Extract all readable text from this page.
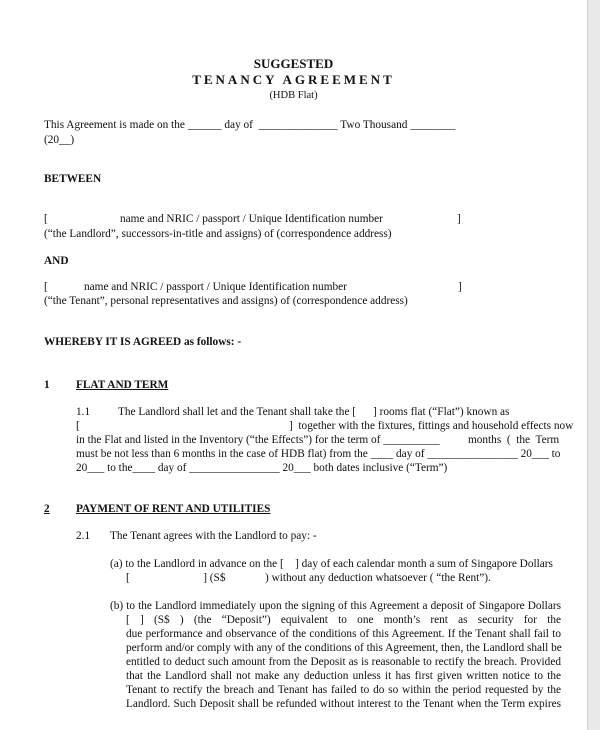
SUGGESTED
TENANCY AGREEMENT
(HDB Flat)
This Agreement is made on the ______ day of  ______________ Two Thousand ________
(20__)
BETWEEN
[	name and NRIC / passport / Unique Identification number	]
(“the Landlord”, successors-in-title and assigns) of (correspondence address)
AND
[	name and NRIC / passport / Unique Identification number	]
(“the Tenant”, personal representatives and assigns) of (correspondence address)
WHEREBY IT IS AGREED as follows: -
1 FLAT AND TERM
1.1 The Landlord shall let and the Tenant shall take the [      ] rooms flat (“Flat”) known as
[	]  together with the fixtures, fittings and household effects now
in the Flat and listed in the Inventory (“the Effects”) for the term of __________          months  (  the  Term
must be not less than 6 months in the case of HDB flat) from the ____ day of ________________ 20___ to
20___ to the____ day of ________________ 20___ both dates inclusive (“Term”)
2 PAYMENT OF RENT AND UTILITIES
2.1 The Tenant agrees with the Landlord to pay: -
(a) to the Landlord in advance on the [    ] day of each calendar month a sum of Singapore Dollars
[                          ] (S$              ) without any deduction whatsoever ( “the Rent”).
(b) to the Landlord immediately upon the signing of this Agreement a deposit of Singapore Dollars
[ ] (S$ ) (the “Deposit”) equivalent to one month’s rent as security for the
due performance and observance of the conditions of this Agreement. If the Tenant shall fail to
perform and/or comply with any of the conditions of this Agreement, then, the Landlord shall be
entitled to deduct such amount from the Deposit as is reasonable to rectify the breach. Provided
that the Landlord shall not make any deduction unless it has first given written notice to the
Tenant to rectify the breach and Tenant has failed to do so within the period requested by the
Landlord. Such Deposit shall be refunded without interest to the Tenant when the Term expires
